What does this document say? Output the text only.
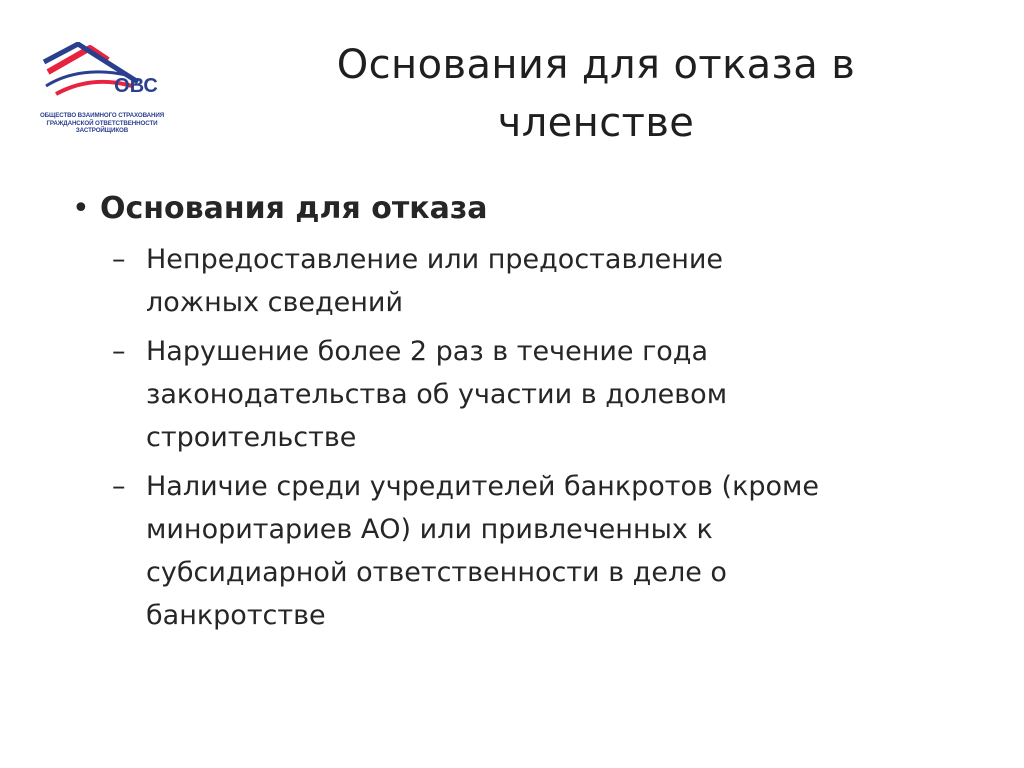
ОВС
ОБЩЕСТВО ВЗАИМНОГО СТРАХОВАНИЯ
ГРАЖДАНСКОЙ ОТВЕТСТВЕННОСТИ
ЗАСТРОЙЩИКОВ
Основания для отказа в
членстве
• Основания для отказа
– Непредоставление или предоставление
ложных сведений
– Нарушение более 2 раз в течение года
законодательства об участии в долевом
строительстве
– Наличие среди учредителей банкротов (кроме
миноритариев АО) или привлеченных к
субсидиарной ответственности в деле о
банкротстве
